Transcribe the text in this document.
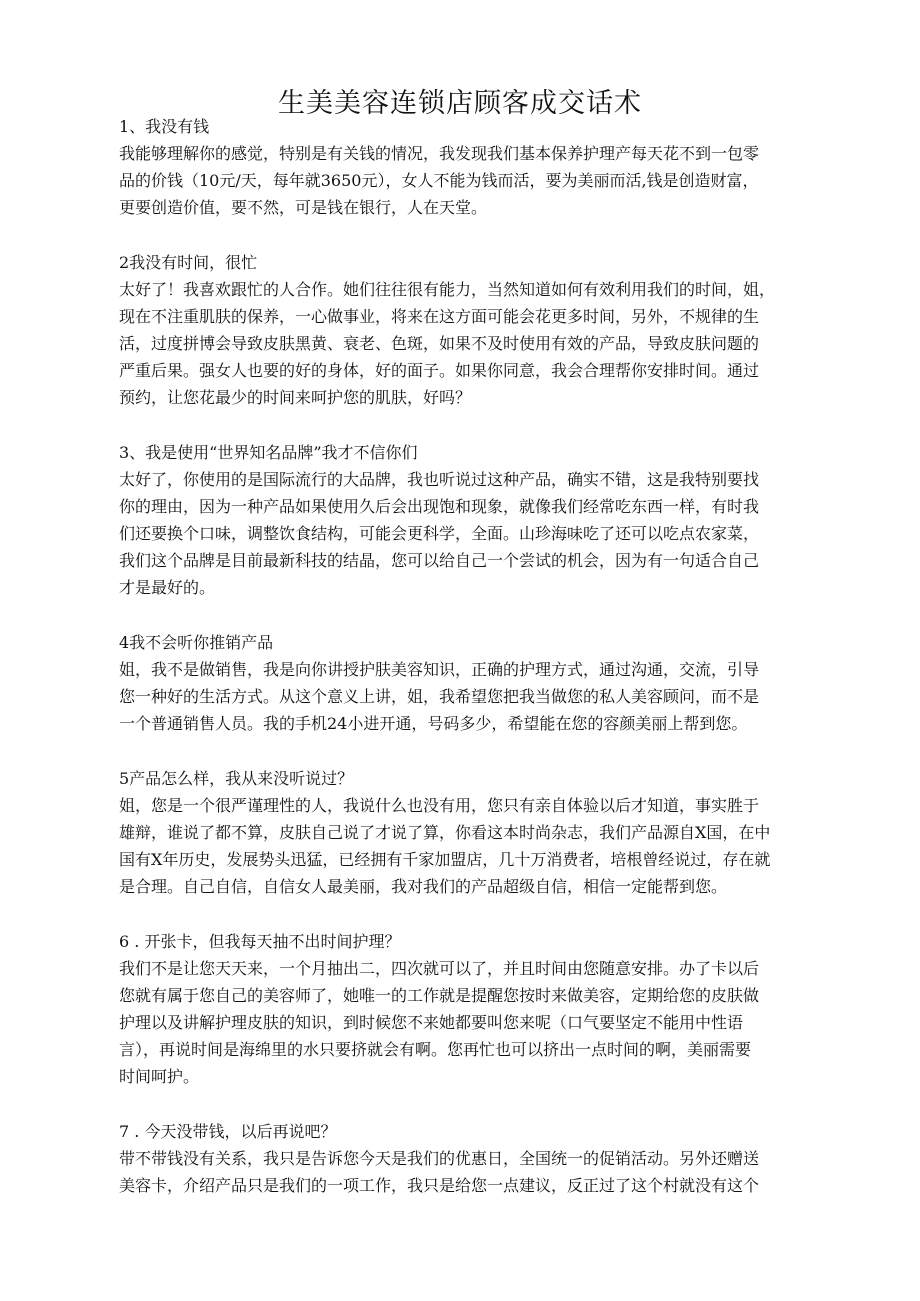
生美美容连锁店顾客成交话术
1、我没有钱
我能够理解你的感觉，特别是有关钱的情况，我发现我们基本保养护理产每天花不到一包零
品的价钱（10元/天，每年就3650元），女人不能为钱而活，要为美丽而活,钱是创造财富，
更要创造价值，要不然，可是钱在银行，人在天堂。
2我没有时间，很忙
太好了！我喜欢跟忙的人合作。她们往往很有能力，当然知道如何有效利用我们的时间，姐，
现在不注重肌肤的保养，一心做事业，将来在这方面可能会花更多时间，另外，不规律的生
活，过度拼博会导致皮肤黑黄、衰老、色斑，如果不及时使用有效的产品，导致皮肤问题的
严重后果。强女人也要的好的身体，好的面子。如果你同意，我会合理帮你安排时间。通过
预约，让您花最少的时间来呵护您的肌肤，好吗？
3、我是使用“世界知名品牌”我才不信你们
太好了，你使用的是国际流行的大品牌，我也听说过这种产品，确实不错，这是我特别要找
你的理由，因为一种产品如果使用久后会出现饱和现象，就像我们经常吃东西一样，有时我
们还要换个口味，调整饮食结构，可能会更科学，全面。山珍海味吃了还可以吃点农家菜，
我们这个品牌是目前最新科技的结晶，您可以给自己一个尝试的机会，因为有一句适合自己
才是最好的。
4我不会听你推销产品
姐，我不是做销售，我是向你讲授护肤美容知识，正确的护理方式，通过沟通，交流，引导
您一种好的生活方式。从这个意义上讲，姐，我希望您把我当做您的私人美容顾问，而不是
一个普通销售人员。我的手机24小进开通，号码多少，希望能在您的容颜美丽上帮到您。
5产品怎么样，我从来没听说过？
姐，您是一个很严谨理性的人，我说什么也没有用，您只有亲自体验以后才知道，事实胜于
雄辩，谁说了都不算，皮肤自己说了才说了算，你看这本时尚杂志，我们产品源自X国，在中
国有X年历史，发展势头迅猛，已经拥有千家加盟店，几十万消费者，培根曾经说过，存在就
是合理。自己自信，自信女人最美丽，我对我们的产品超级自信，相信一定能帮到您。
6 . 开张卡，但我每天抽不出时间护理？
我们不是让您天天来，一个月抽出二，四次就可以了，并且时间由您随意安排。办了卡以后
您就有属于您自己的美容师了，她唯一的工作就是提醒您按时来做美容，定期给您的皮肤做
护理以及讲解护理皮肤的知识，到时候您不来她都要叫您来呢（口气要坚定不能用中性语
言），再说时间是海绵里的水只要挤就会有啊。您再忙也可以挤出一点时间的啊，美丽需要
时间呵护。
7 . 今天没带钱，以后再说吧？
带不带钱没有关系，我只是告诉您今天是我们的优惠日，全国统一的促销活动。另外还赠送
美容卡，介绍产品只是我们的一项工作，我只是给您一点建议，反正过了这个村就没有这个
